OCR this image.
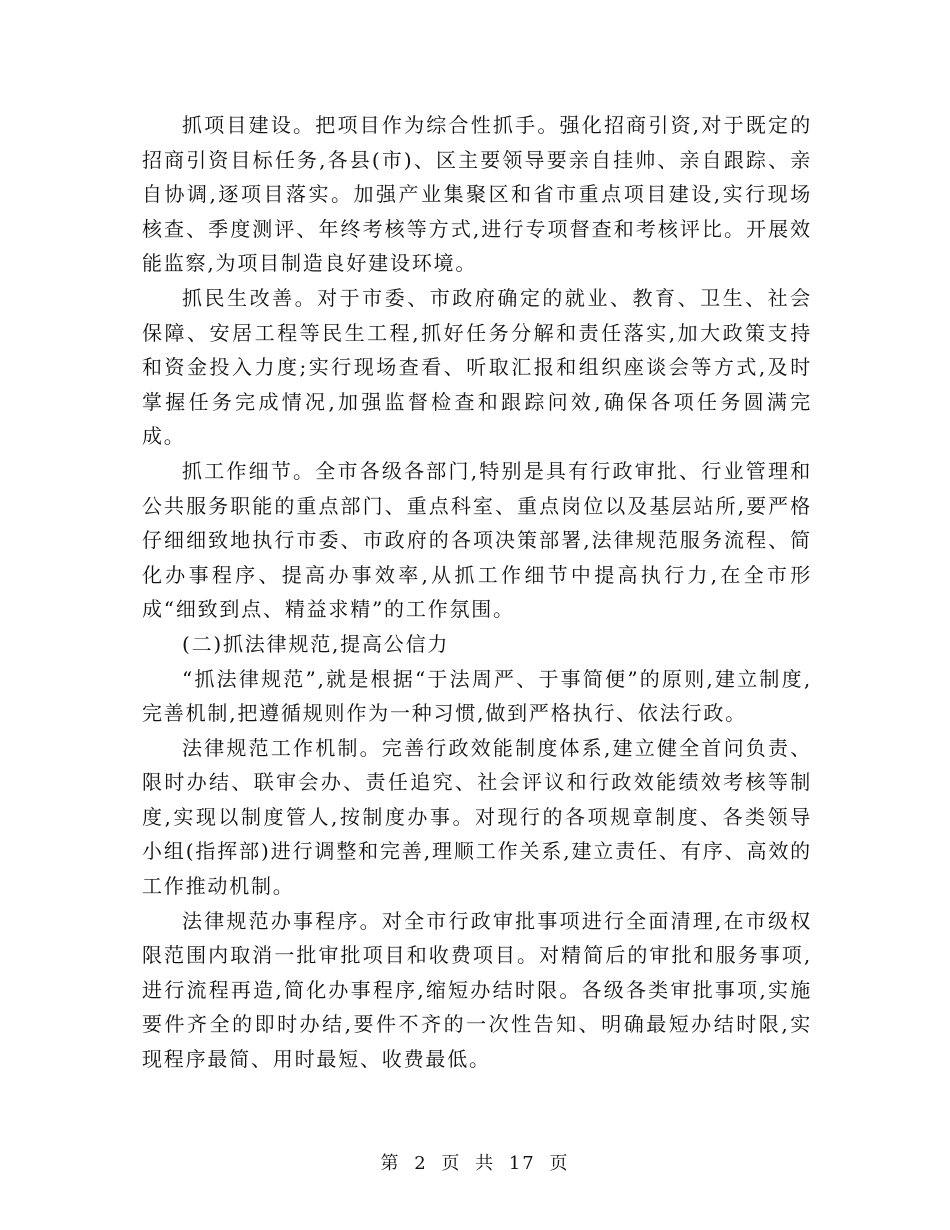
抓项目建设。把项目作为综合性抓手。强化招商引资,对于既定的招商引资目标任务,各县(市)、区主要领导要亲自挂帅、亲自跟踪、亲自协调,逐项目落实。加强产业集聚区和省市重点项目建设,实行现场核查、季度测评、年终考核等方式,进行专项督查和考核评比。开展效能监察,为项目制造良好建设环境。

抓民生改善。对于市委、市政府确定的就业、教育、卫生、社会保障、安居工程等民生工程,抓好任务分解和责任落实,加大政策支持和资金投入力度;实行现场查看、听取汇报和组织座谈会等方式,及时掌握任务完成情况,加强监督检查和跟踪问效,确保各项任务圆满完成。

抓工作细节。全市各级各部门,特别是具有行政审批、行业管理和公共服务职能的重点部门、重点科室、重点岗位以及基层站所,要严格仔细细致地执行市委、市政府的各项决策部署,法律规范服务流程、简化办事程序、提高办事效率,从抓工作细节中提高执行力,在全市形成“细致到点、精益求精”的工作氛围。

(二)抓法律规范,提高公信力

“抓法律规范”,就是根据“于法周严、于事简便”的原则,建立制度,完善机制,把遵循规则作为一种习惯,做到严格执行、依法行政。

法律规范工作机制。完善行政效能制度体系,建立健全首问负责、限时办结、联审会办、责任追究、社会评议和行政效能绩效考核等制度,实现以制度管人,按制度办事。对现行的各项规章制度、各类领导小组(指挥部)进行调整和完善,理顺工作关系,建立责任、有序、高效的工作推动机制。

法律规范办事程序。对全市行政审批事项进行全面清理,在市级权限范围内取消一批审批项目和收费项目。对精简后的审批和服务事项,进行流程再造,简化办事程序,缩短办结时限。各级各类审批事项,实施要件齐全的即时办结,要件不齐的一次性告知、明确最短办结时限,实现程序最简、用时最短、收费最低。

第 2 页 共 17 页
